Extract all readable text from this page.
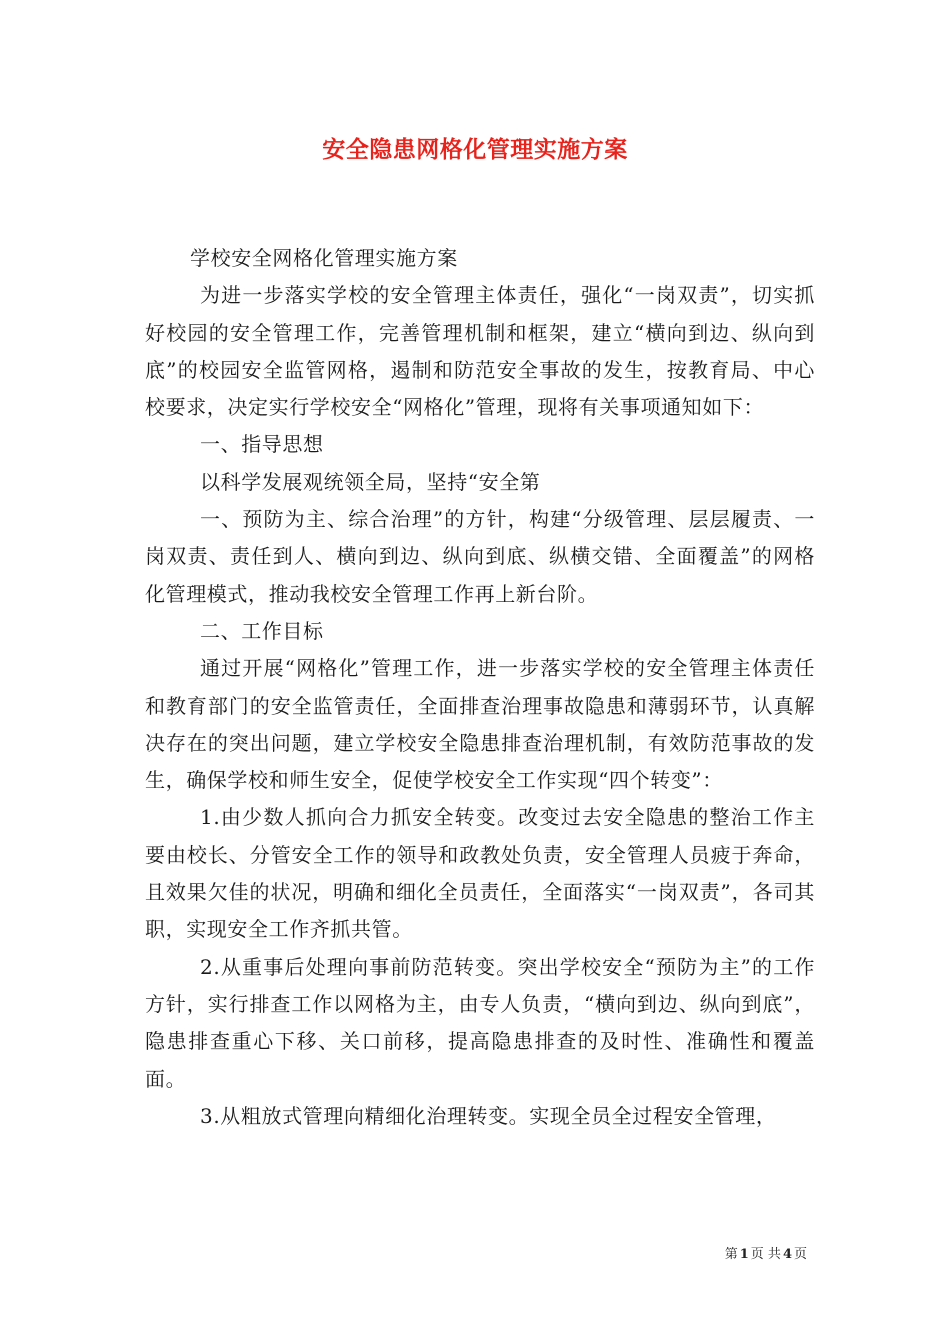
安全隐患网格化管理实施方案

学校安全网格化管理实施方案

为进一步落实学校的安全管理主体责任，强化“一岗双责”，切实抓好校园的安全管理工作，完善管理机制和框架，建立“横向到边、纵向到底”的校园安全监管网格，遏制和防范安全事故的发生，按教育局、中心校要求，决定实行学校安全“网格化”管理，现将有关事项通知如下：

一、指导思想

以科学发展观统领全局，坚持“安全第

一、预防为主、综合治理”的方针，构建“分级管理、层层履责、一岗双责、责任到人、横向到边、纵向到底、纵横交错、全面覆盖”的网格化管理模式，推动我校安全管理工作再上新台阶。

二、工作目标

通过开展“网格化”管理工作，进一步落实学校的安全管理主体责任和教育部门的安全监管责任，全面排查治理事故隐患和薄弱环节，认真解决存在的突出问题，建立学校安全隐患排查治理机制，有效防范事故的发生，确保学校和师生安全，促使学校安全工作实现“四个转变”：

1.由少数人抓向合力抓安全转变。改变过去安全隐患的整治工作主要由校长、分管安全工作的领导和政教处负责，安全管理人员疲于奔命，且效果欠佳的状况，明确和细化全员责任，全面落实“一岗双责”，各司其职，实现安全工作齐抓共管。

2.从重事后处理向事前防范转变。突出学校安全“预防为主”的工作方针，实行排查工作以网格为主，由专人负责，“横向到边、纵向到底”，隐患排查重心下移、关口前移，提高隐患排查的及时性、准确性和覆盖面。

3.从粗放式管理向精细化治理转变。实现全员全过程安全管理，

第 1 页 共 4 页
